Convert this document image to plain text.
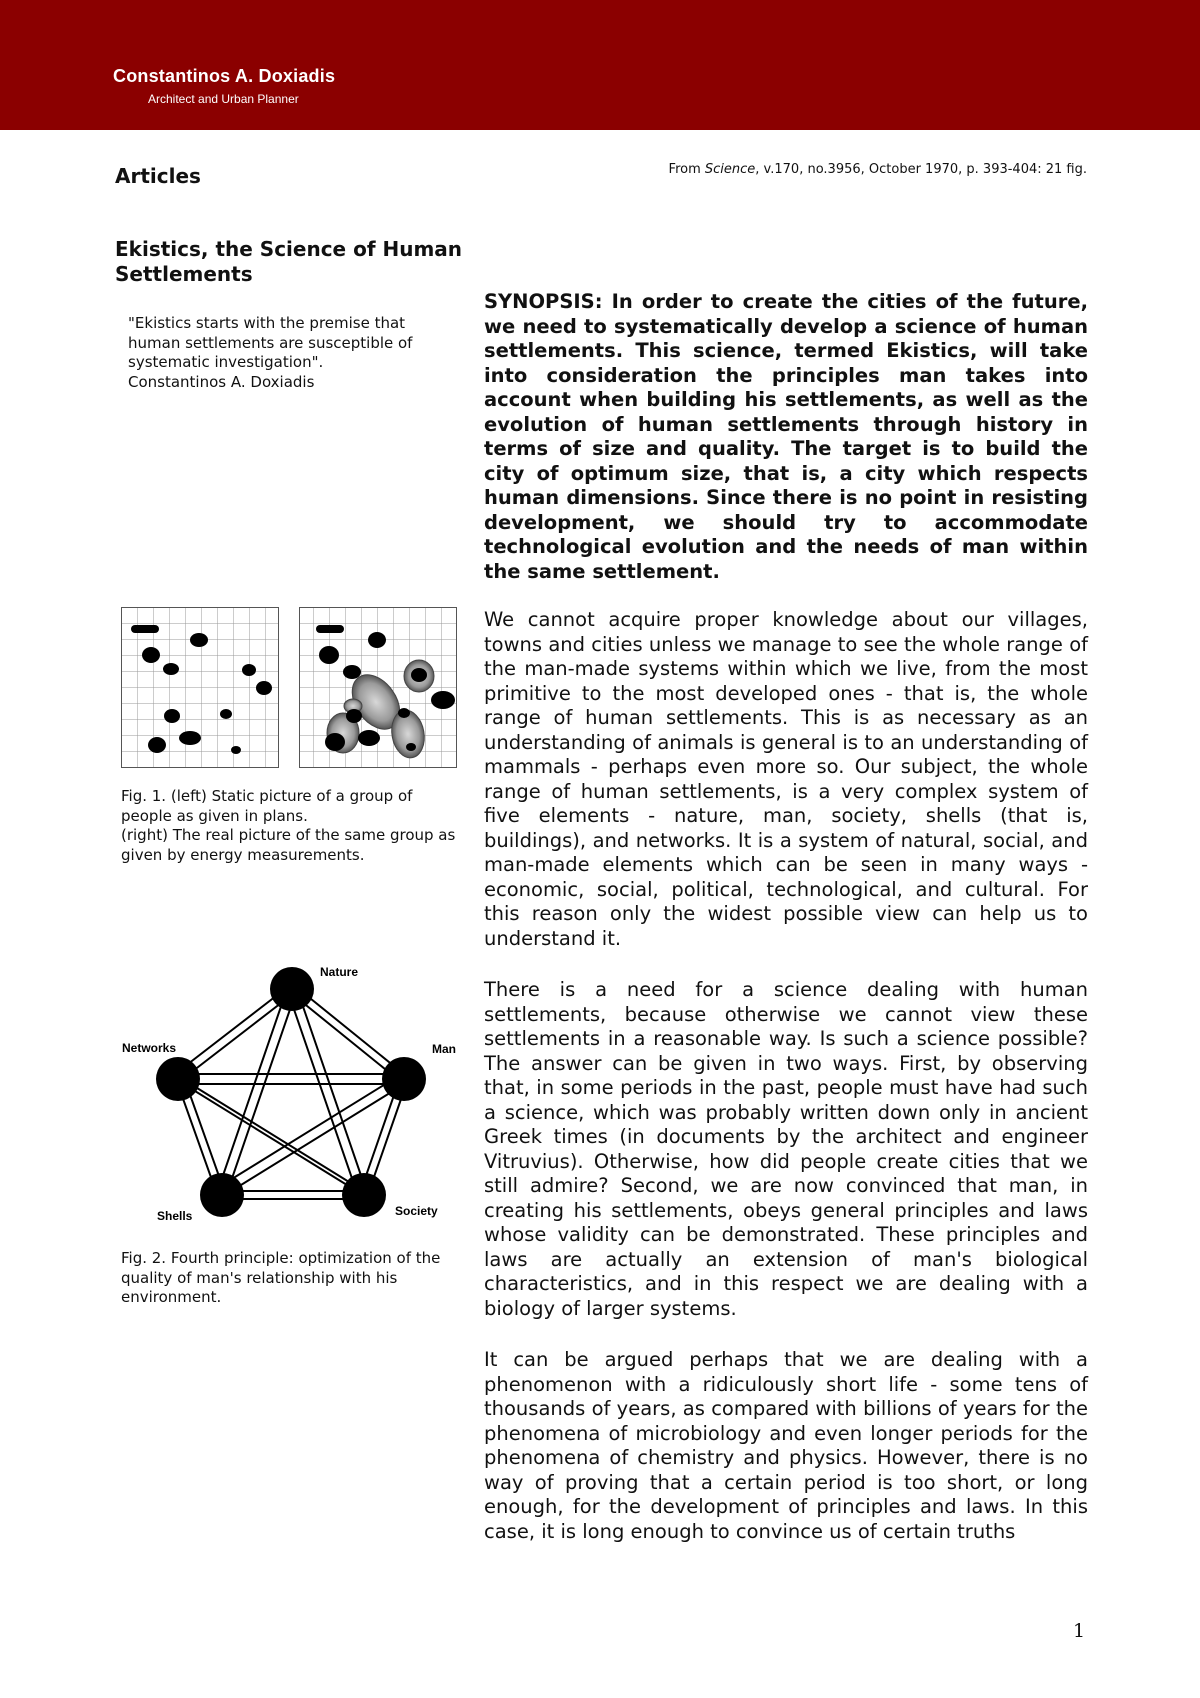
Constantinos A. Doxiadis
Architect and Urban Planner
Articles	From Science, v.170, no.3956, October 1970, p. 393-404: 21 fig.
Ekistics, the Science of Human Settlements
"Ekistics starts with the premise that human settlements are susceptible of systematic investigation".
Constantinos A. Doxiadis
Fig. 1. (left) Static picture of a group of people as given in plans.
(right) The real picture of the same group as given by energy measurements.
Nature
Man
Society
Shells
Networks
Fig. 2. Fourth principle: optimization of the quality of man's relationship with his environment.

SYNOPSIS: In order to create the cities of the future, we need to systematically develop a science of human settlements. This science, termed Ekistics, will take into consideration the principles man takes into account when building his settlements, as well as the evolution of human settlements through history in terms of size and quality. The target is to build the city of optimum size, that is, a city which respects human dimensions. Since there is no point in resisting development, we should try to accommodate technological evolution and the needs of man within the same settlement.

We cannot acquire proper knowledge about our villages, towns and cities unless we manage to see the whole range of the man-made systems within which we live, from the most primitive to the most developed ones - that is, the whole range of human settlements. This is as necessary as an understanding of animals is general is to an understanding of mammals - perhaps even more so. Our subject, the whole range of human settlements, is a very complex system of five elements - nature, man, society, shells (that is, buildings), and networks. It is a system of natural, social, and man-made elements which can be seen in many ways - economic, social, political, technological, and cultural. For this reason only the widest possible view can help us to understand it.

There is a need for a science dealing with human settlements, because otherwise we cannot view these settlements in a reasonable way. Is such a science possible? The answer can be given in two ways. First, by observing that, in some periods in the past, people must have had such a science, which was probably written down only in ancient Greek times (in documents by the architect and engineer Vitruvius). Otherwise, how did people create cities that we still admire? Second, we are now convinced that man, in creating his settlements, obeys general principles and laws whose validity can be demonstrated. These principles and laws are actually an extension of man's biological characteristics, and in this respect we are dealing with a biology of larger systems.

It can be argued perhaps that we are dealing with a phenomenon with a ridiculously short life - some tens of thousands of years, as compared with billions of years for the phenomena of microbiology and even longer periods for the phenomena of chemistry and physics. However, there is no way of proving that a certain period is too short, or long enough, for the development of principles and laws. In this case, it is long enough to convince us of certain truths

1
